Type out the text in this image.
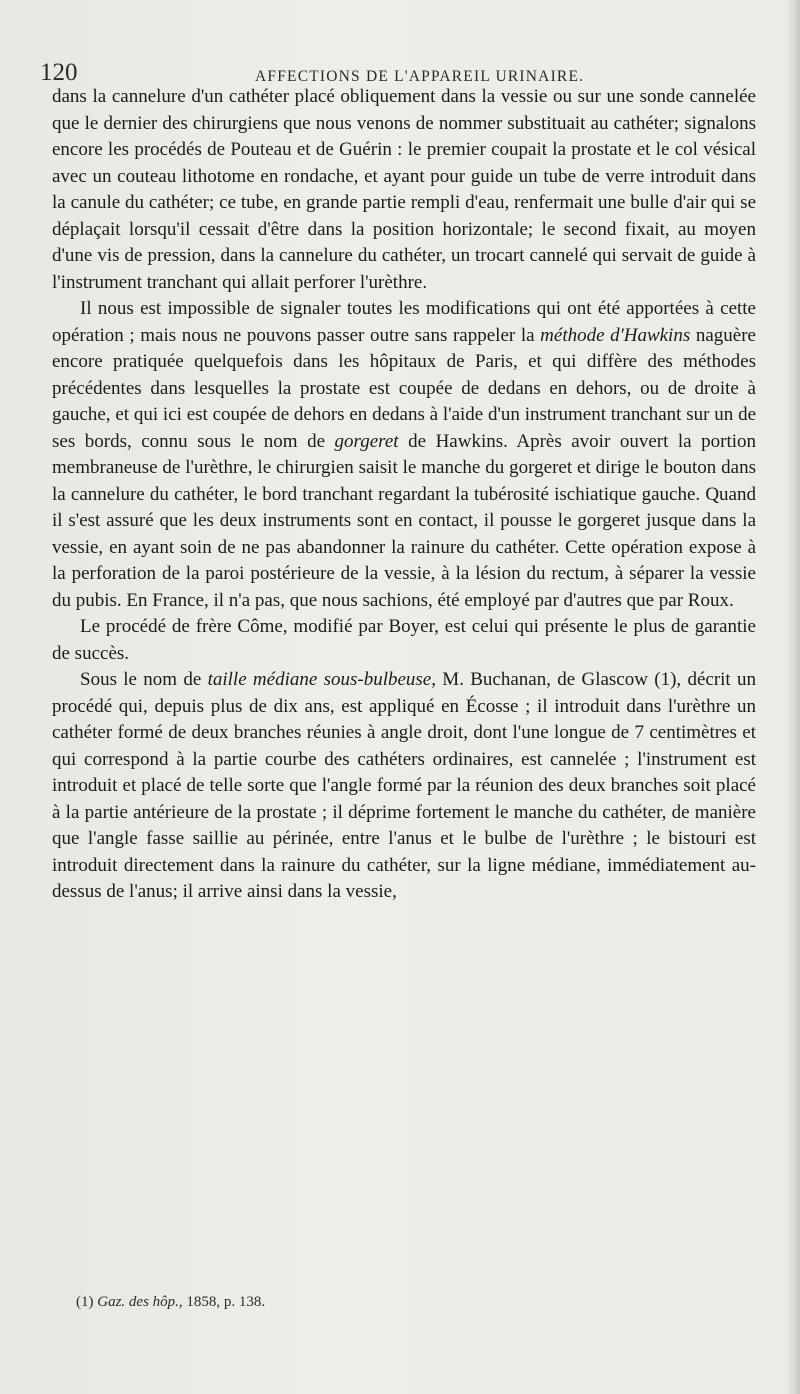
120	AFFECTIONS DE L'APPAREIL URINAIRE.

dans la cannelure d'un cathéter placé obliquement dans la vessie ou sur une sonde cannelée que le dernier des chirurgiens que nous venons de nommer substituait au cathéter; signalons encore les procédés de Pouteau et de Guérin : le premier coupait la prostate et le col vésical avec un couteau lithotome en rondache, et ayant pour guide un tube de verre introduit dans la canule du cathéter; ce tube, en grande partie rempli d'eau, renfermait une bulle d'air qui se déplaçait lorsqu'il cessait d'être dans la position horizontale; le second fixait, au moyen d'une vis de pression, dans la cannelure du cathéter, un trocart cannelé qui servait de guide à l'instrument tranchant qui allait perforer l'urèthre.

Il nous est impossible de signaler toutes les modifications qui ont été apportées à cette opération ; mais nous ne pouvons passer outre sans rappeler la méthode d'Hawkins naguère encore pratiquée quelquefois dans les hôpitaux de Paris, et qui diffère des méthodes précédentes dans lesquelles la prostate est coupée de dedans en dehors, ou de droite à gauche, et qui ici est coupée de dehors en dedans à l'aide d'un instrument tranchant sur un de ses bords, connu sous le nom de gorgeret de Hawkins. Après avoir ouvert la portion membraneuse de l'urèthre, le chirurgien saisit le manche du gorgeret et dirige le bouton dans la cannelure du cathéter, le bord tranchant regardant la tubérosité ischiatique gauche. Quand il s'est assuré que les deux instruments sont en contact, il pousse le gorgeret jusque dans la vessie, en ayant soin de ne pas abandonner la rainure du cathéter. Cette opération expose à la perforation de la paroi postérieure de la vessie, à la lésion du rectum, à séparer la vessie du pubis. En France, il n'a pas, que nous sachions, été employé par d'autres que par Roux.

Le procédé de frère Côme, modifié par Boyer, est celui qui présente le plus de garantie de succès.

Sous le nom de taille médiane sous-bulbeuse, M. Buchanan, de Glascow (1), décrit un procédé qui, depuis plus de dix ans, est appliqué en Écosse ; il introduit dans l'urèthre un cathéter formé de deux branches réunies à angle droit, dont l'une longue de 7 centimètres et qui correspond à la partie courbe des cathéters ordinaires, est cannelée ; l'instrument est introduit et placé de telle sorte que l'angle formé par la réunion des deux branches soit placé à la partie antérieure de la prostate ; il déprime fortement le manche du cathéter, de manière que l'angle fasse saillie au périnée, entre l'anus et le bulbe de l'urèthre ; le bistouri est introduit directement dans la rainure du cathéter, sur la ligne médiane, immédiatement au-dessus de l'anus; il arrive ainsi dans la vessie,

(1) Gaz. des hôp., 1858, p. 138.
